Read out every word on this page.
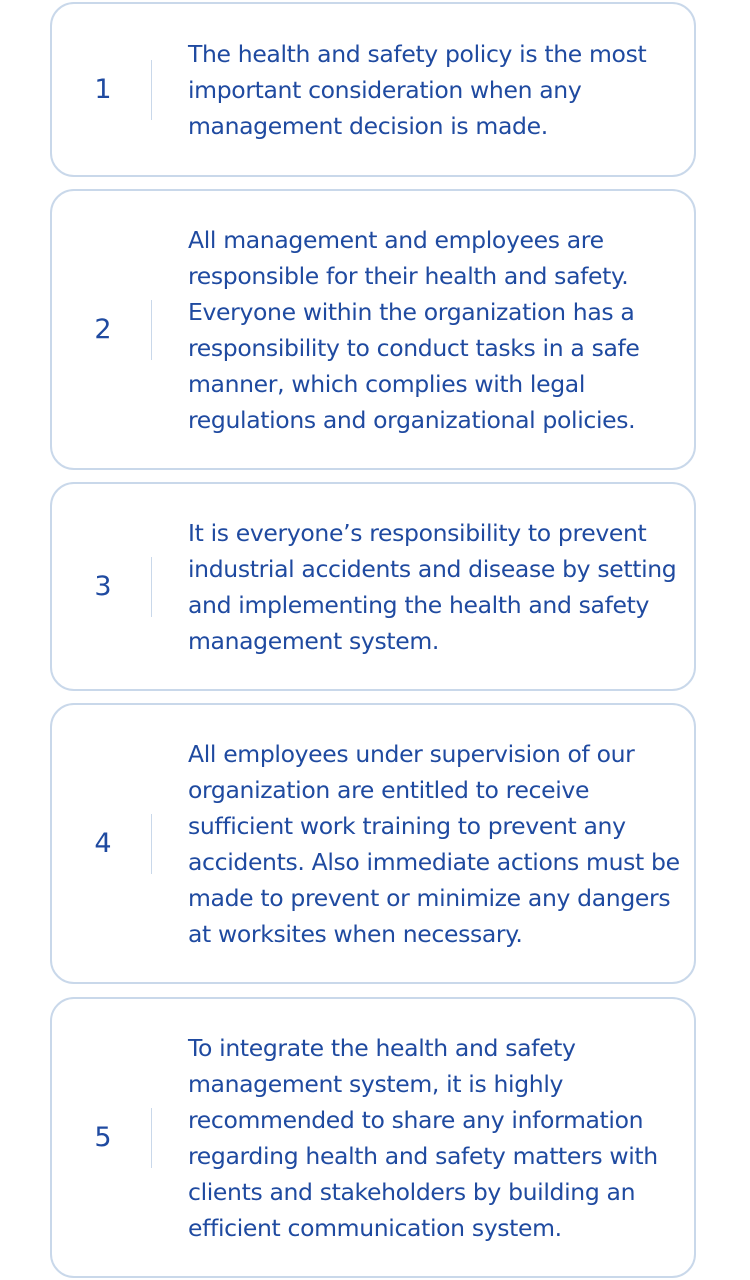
1
The health and safety policy is the most important consideration when any management decision is made.
2
All management and employees are responsible for their health and safety. Everyone within the organization has a responsibility to conduct tasks in a safe manner, which complies with legal regulations and organizational policies.
3
It is everyone’s responsibility to prevent industrial accidents and disease by setting and implementing the health and safety management system.
4
All employees under supervision of our organization are entitled to receive sufficient work training to prevent any accidents. Also immediate actions must be made to prevent or minimize any dangers at worksites when necessary.
5
To integrate the health and safety management system, it is highly recommended to share any information regarding health and safety matters with clients and stakeholders by building an efficient communication system.
